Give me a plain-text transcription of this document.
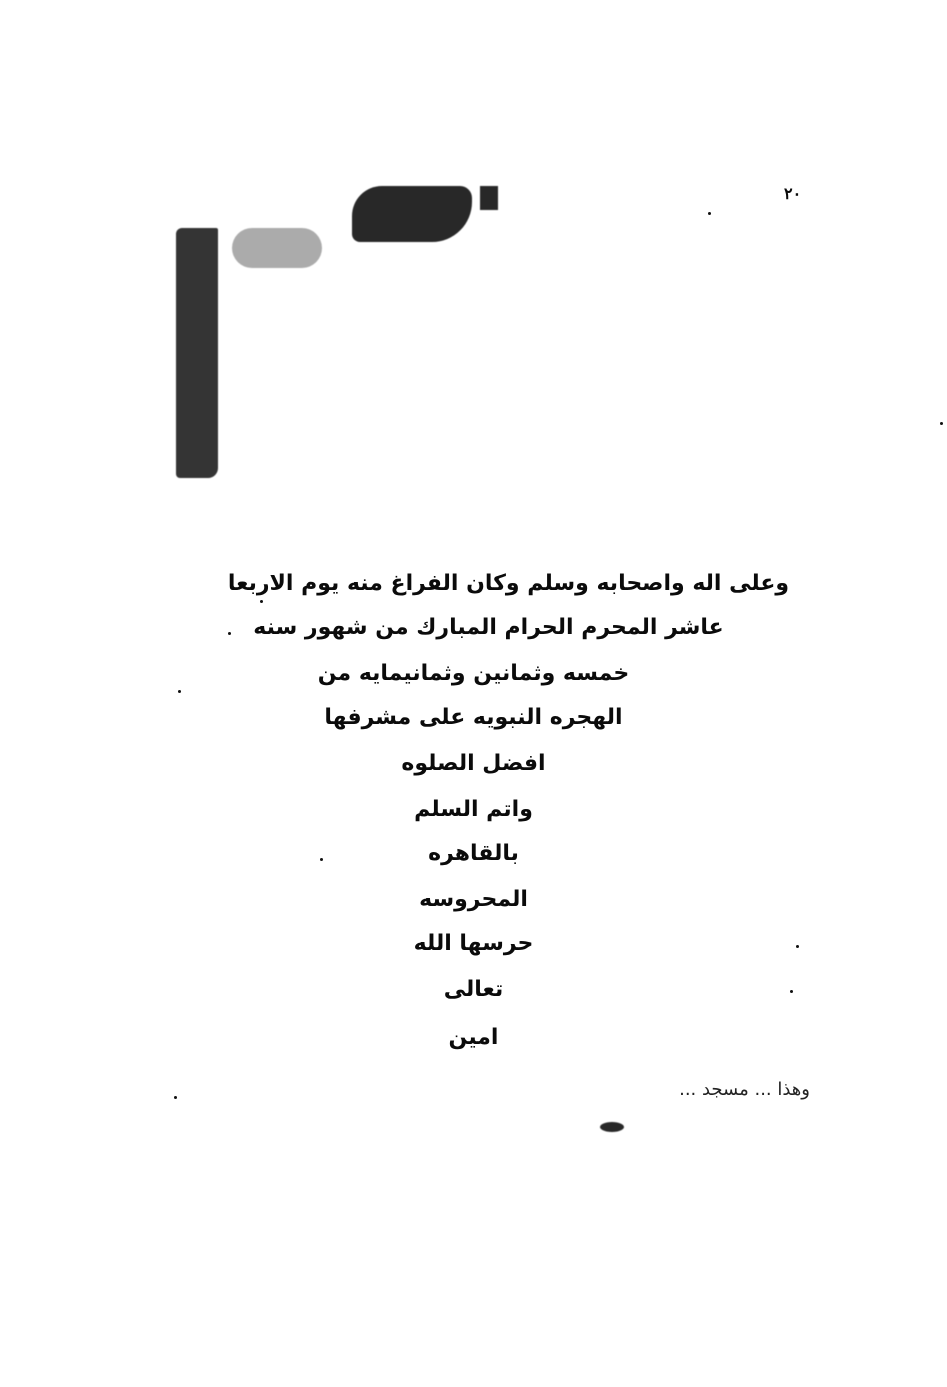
٢٠
وعلى اله واصحابه وسلم وكان الفراغ منه يوم الاربعا
عاشر المحرم الحرام المبارك من شهور سنه
خمسه وثمانين وثمانيمايه من
الهجره النبويه على مشرفها
افضل الصلوه
واتم السلم
بالقاهره
المحروسه
حرسها الله
تعالى
امين
وهذا ... مسجد ...
